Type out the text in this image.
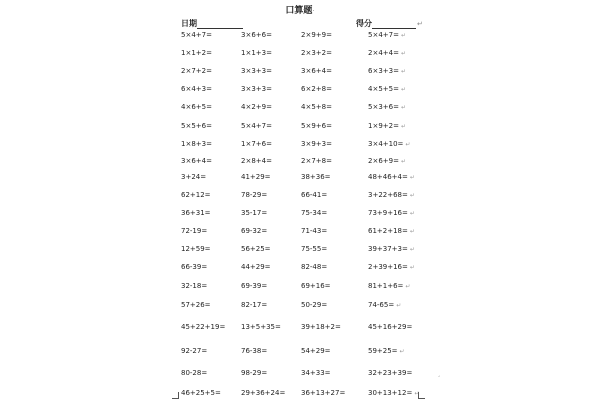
口算题·
日期	得分	↵
5×4+7=
1×1+2=
2×7+2=
6×4+3=
4×6+5=
5×5+6=
1×8+3=
3×6+4=
3+24=
62+12=
36+31=
72-19=
12+59=
66-39=
32-18=
57+26=
45+22+19=
92-27=
80-28=
46+25+5=
3×6+6=
1×1+3=
3×3+3=
3×3+3=
4×2+9=
5×4+7=
1×7+6=
2×8+4=
41+29=
78-29=
35-17=
69-32=
56+25=
44+29=
69-39=
82-17=
13+5+35=
76-38=
98-29=
29+36+24=
2×9+9=
2×3+2=
3×6+4=
6×2+8=
4×5+8=
5×9+6=
3×9+3=
2×7+8=
38+36=
66-41=
75-34=
71-43=
75-55=
82-48=
69+16=
50-29=
39+18+2=
54+29=
34+33=
36+13+27=
5×4+7= ↵
2×4+4= ↵
6×3+3= ↵
4×5+5= ↵
5×3+6= ↵
1×9+2= ↵
3×4+10= ↵
2×6+9= ↵
48+46+4= ↵
3+22+68= ↵
73+9+16= ↵
61+2+18= ↵
39+37+3= ↵
2+39+16= ↵
81+1+6= ↵
74-65= ↵
45+16+29=
59+25= ↵
32+23+39=
30+13+12= ↵
˼
